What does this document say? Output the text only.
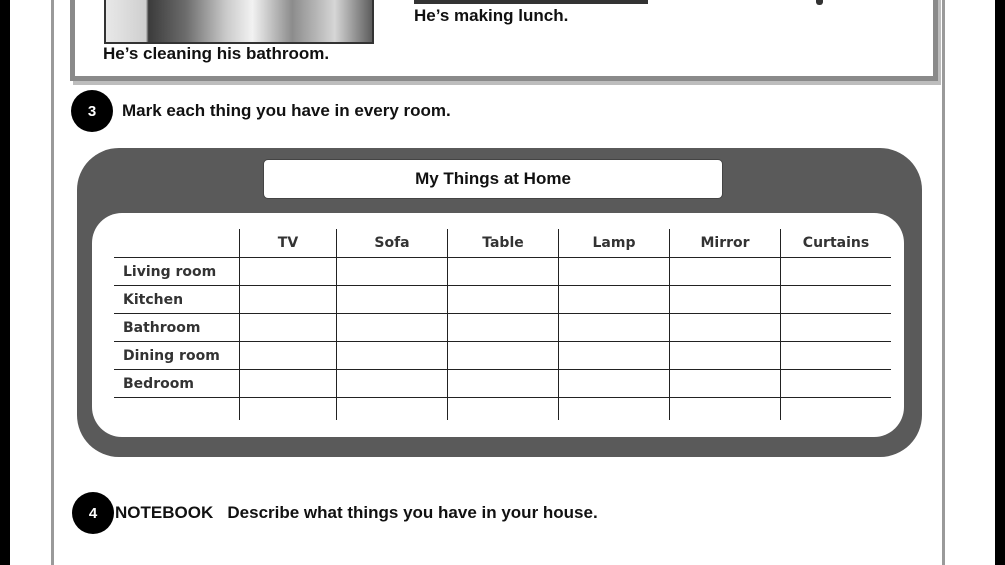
He’s cleaning his bathroom.
He’s making lunch.
3	Mark each thing you have in every room.
My Things at Home
	TV	Sofa	Table	Lamp	Mirror	Curtains
Living room						
Kitchen						
Bathroom						
Dining room						
Bedroom						

4	NOTEBOOK   Describe what things you have in your house.
